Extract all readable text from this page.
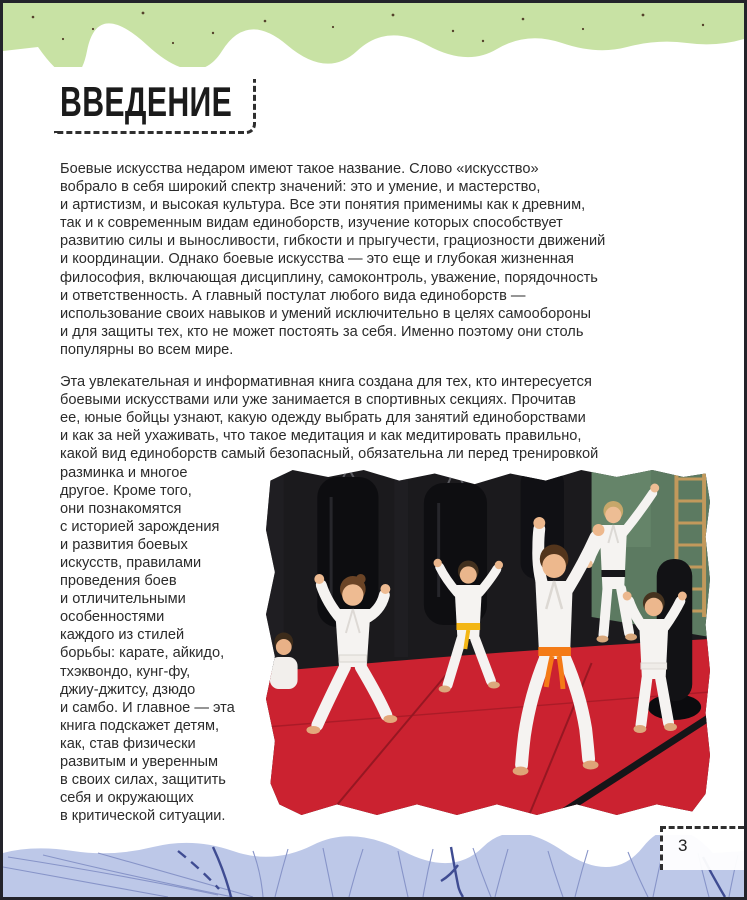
ВВЕДЕНИЕ

Боевые искусства недаром имеют такое название. Слово «искусство»
вобрало в себя широкий спектр значений: это и умение, и мастерство,
и артистизм, и высокая культура. Все эти понятия применимы как к древним,
так и к современным видам единоборств, изучение которых способствует
развитию силы и выносливости, гибкости и прыгучести, грациозности движений
и координации. Однако боевые искусства — это еще и глубокая жизненная
философия, включающая дисциплину, самоконтроль, уважение, порядочность
и ответственность. А главный постулат любого вида единоборств —
использование своих навыков и умений исключительно в целях самообороны
и для защиты тех, кто не может постоять за себя. Именно поэтому они столь
популярны во всем мире.

Эта увлекательная и информативная книга создана для тех, кто интересуется
боевыми искусствами или уже занимается в спортивных секциях. Прочитав
ее, юные бойцы узнают, какую одежду выбрать для занятий единоборствами
и как за ней ухаживать, что такое медитация и как медитировать правильно,
какой вид единоборств самый безопасный, обязательна ли перед тренировкой

разминка и многое
другое. Кроме того,
они познакомятся
с историей зарождения
и развития боевых
искусств, правилами
проведения боев
и отличительными
особенностями
каждого из стилей
борьбы: карате, айкидо,
тхэквондо, кунг-фу,
джиу-джитсу, дзюдо
и самбо. И главное — эта
книга подскажет детям,
как, став физически
развитым и уверенным
в своих силах, защитить
себя и окружающих
в критической ситуации.

3
